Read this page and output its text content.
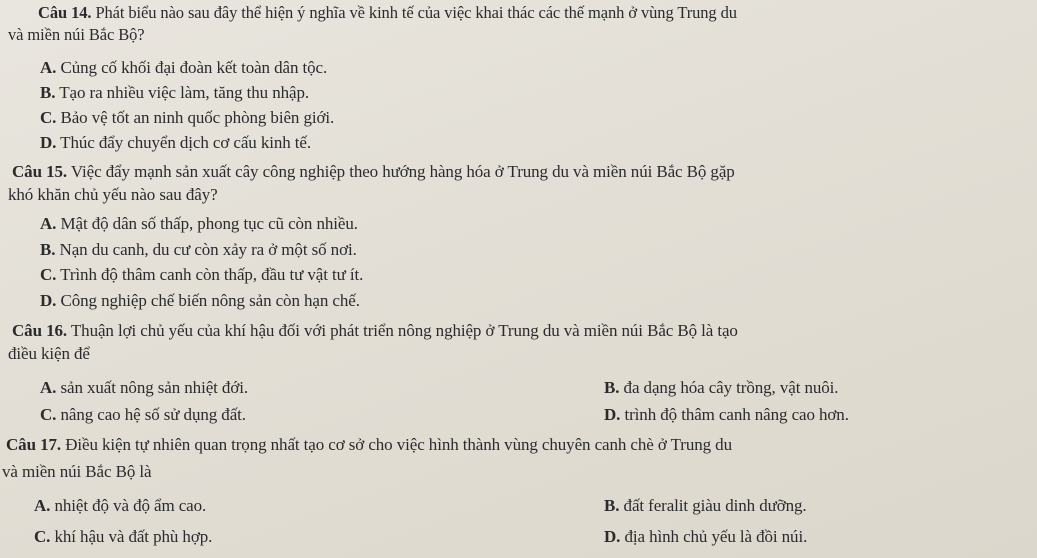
Câu 14. Phát biểu nào sau đây thể hiện ý nghĩa về kinh tế của việc khai thác các thế mạnh ở vùng Trung du
và miền núi Bắc Bộ?
A. Củng cố khối đại đoàn kết toàn dân tộc.
B. Tạo ra nhiều việc làm, tăng thu nhập.
C. Bảo vệ tốt an ninh quốc phòng biên giới.
D. Thúc đẩy chuyển dịch cơ cấu kinh tế.
Câu 15. Việc đẩy mạnh sản xuất cây công nghiệp theo hướng hàng hóa ở Trung du và miền núi Bắc Bộ gặp
khó khăn chủ yếu nào sau đây?
A. Mật độ dân số thấp, phong tục cũ còn nhiều.
B. Nạn du canh, du cư còn xảy ra ở một số nơi.
C. Trình độ thâm canh còn thấp, đầu tư vật tư ít.
D. Công nghiệp chế biến nông sản còn hạn chế.
Câu 16. Thuận lợi chủ yếu của khí hậu đối với phát triển nông nghiệp ở Trung du và miền núi Bắc Bộ là tạo
điều kiện để
A. sản xuất nông sản nhiệt đới.	B. đa dạng hóa cây trồng, vật nuôi.
C. nâng cao hệ số sử dụng đất.	D. trình độ thâm canh nâng cao hơn.
Câu 17. Điều kiện tự nhiên quan trọng nhất tạo cơ sở cho việc hình thành vùng chuyên canh chè ở Trung du
và miền núi Bắc Bộ là
A. nhiệt độ và độ ẩm cao.	B. đất feralit giàu dinh dưỡng.
C. khí hậu và đất phù hợp.	D. địa hình chủ yếu là đồi núi.
